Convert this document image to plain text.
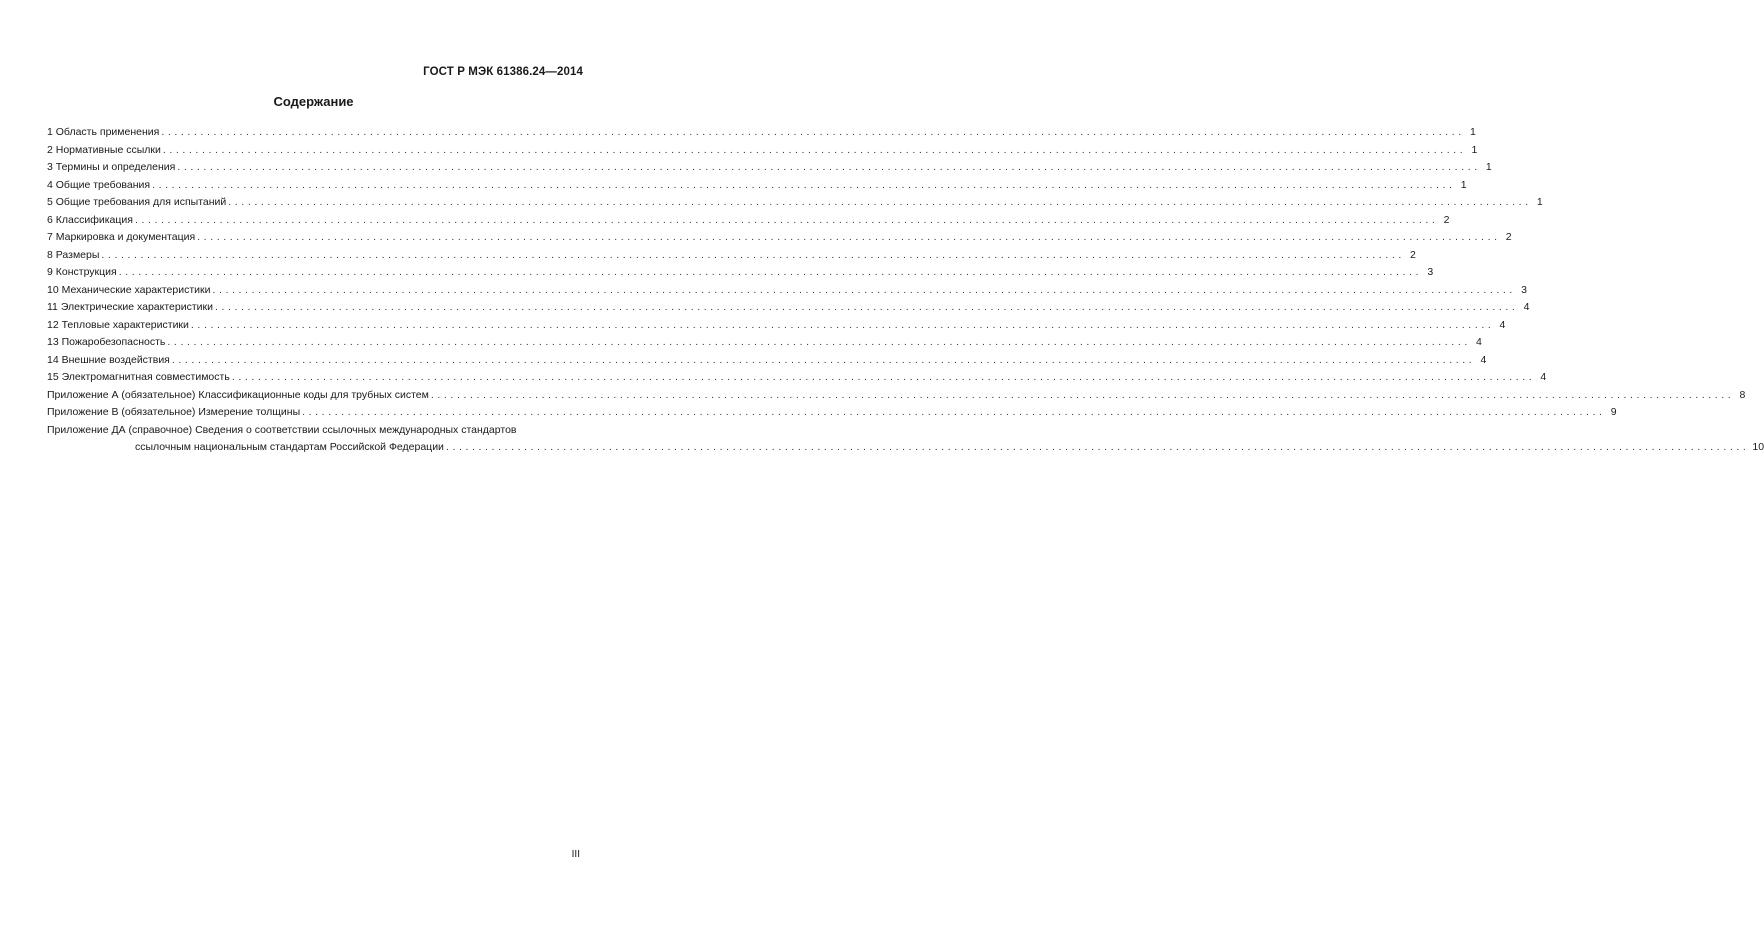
ГОСТ Р МЭК 61386.24—2014
Содержание
1 Область применения ........................................................................................................................................................................................................ 1
2 Нормативные ссылки ........................................................................................................................................................................................................ 1
3 Термины и определения ........................................................................................................................................................................................................ 1
4 Общие требования ........................................................................................................................................................................................................ 1
5 Общие требования для испытаний ........................................................................................................................................................................................................ 1
6 Классификация ........................................................................................................................................................................................................ 2
7 Маркировка и документация ........................................................................................................................................................................................................ 2
8 Размеры ........................................................................................................................................................................................................ 2
9 Конструкция ........................................................................................................................................................................................................ 3
10 Механические характеристики ........................................................................................................................................................................................................ 3
11 Электрические характеристики ........................................................................................................................................................................................................ 4
12 Тепловые характеристики ........................................................................................................................................................................................................ 4
13 Пожаробезопасность ........................................................................................................................................................................................................ 4
14 Внешние воздействия ........................................................................................................................................................................................................ 4
15 Электромагнитная совместимость ........................................................................................................................................................................................................ 4
Приложение А (обязательное) Классификационные коды для трубных систем ........................................................................................................................................................................................................ 8
Приложение В (обязательное) Измерение толщины ........................................................................................................................................................................................................ 9
Приложение ДА (справочное) Сведения о соответствии ссылочных международных стандартов
ссылочным национальным стандартам Российской Федерации ........................................................................................................................................................................................................ 10
III
